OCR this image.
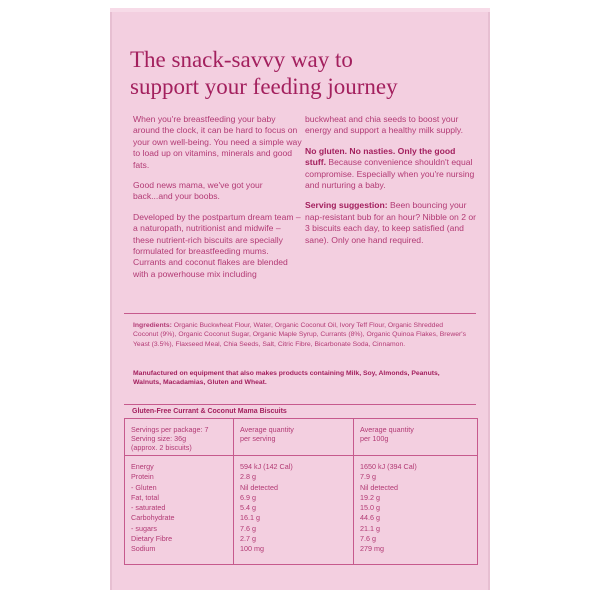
The snack-savvy way to
support your feeding journey

When you're breastfeeding your baby around the clock, it can be hard to focus on your own well-being. You need a simple way to load up on vitamins, minerals and good fats.

Good news mama, we've got your back...and your boobs.

Developed by the postpartum dream team – a naturopath, nutritionist and midwife – these nutrient-rich biscuits are specially formulated for breastfeeding mums. Currants and coconut flakes are blended with a powerhouse mix including

buckwheat and chia seeds to boost your energy and support a healthy milk supply.

No gluten. No nasties. Only the good stuff. Because convenience shouldn't equal compromise. Especially when you're nursing and nurturing a baby.

Serving suggestion: Been bouncing your nap-resistant bub for an hour? Nibble on 2 or 3 biscuits each day, to keep satisfied (and sane). Only one hand required.

Ingredients: Organic Buckwheat Flour, Water, Organic Coconut Oil, Ivory Teff Flour, Organic Shredded Coconut (9%), Organic Coconut Sugar, Organic Maple Syrup, Currants (8%), Organic Quinoa Flakes, Brewer's Yeast (3.5%), Flaxseed Meal, Chia Seeds, Salt, Citric Fibre, Bicarbonate Soda, Cinnamon.
Manufactured on equipment that also makes products containing Milk, Soy, Almonds, Peanuts, Walnuts, Macadamias, Gluten and Wheat.
Gluten-Free Currant & Coconut Mama Biscuits
Servings per package: 7
Serving size: 36g
(approx. 2 biscuits)
Average quantity
per serving
Average quantity
per 100g
Energy
Protein
- Gluten
Fat, total
- saturated
Carbohydrate
- sugars
Dietary Fibre
Sodium
594 kJ (142 Cal)
2.8 g
Nil detected
6.9 g
5.4 g
16.1 g
7.6 g
2.7 g
100 mg
1650 kJ (394 Cal)
7.9 g
Nil detected
19.2 g
15.0 g
44.6 g
21.1 g
7.6 g
279 mg
